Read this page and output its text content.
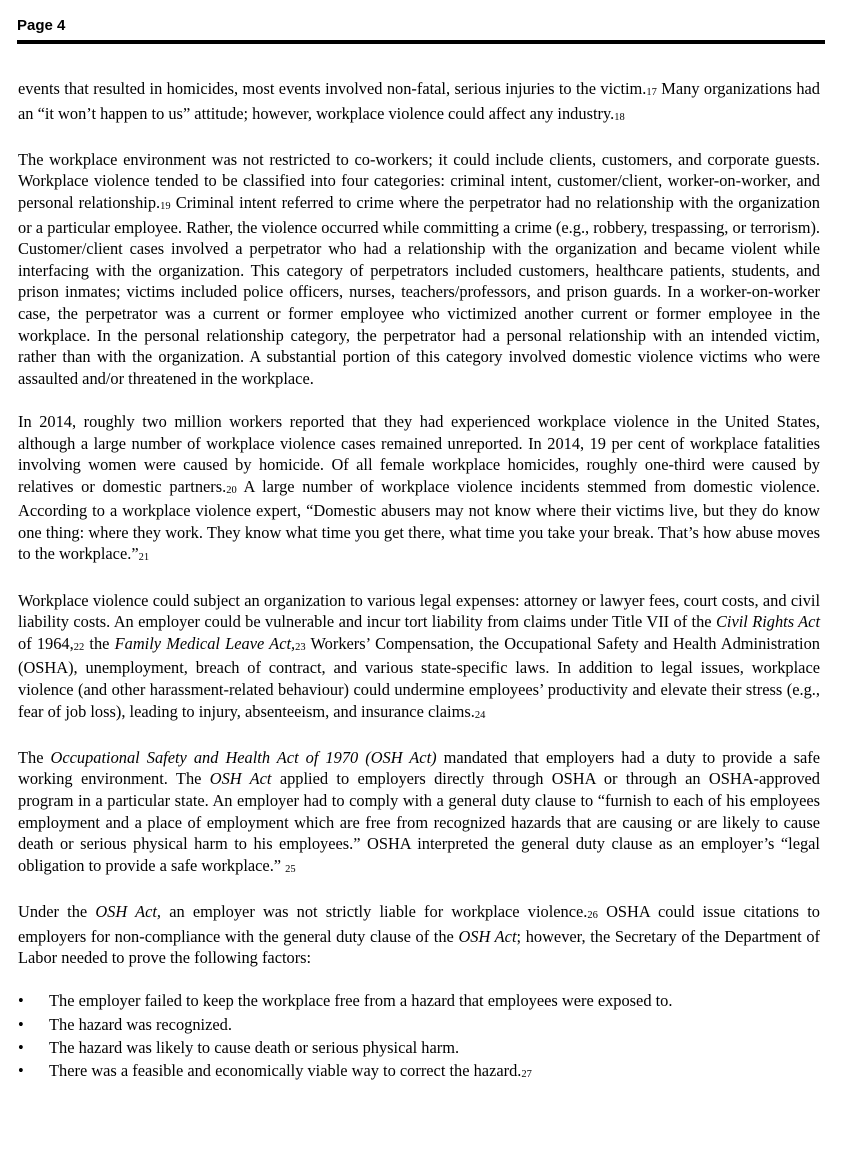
Page 4

events that resulted in homicides, most events involved non-fatal, serious injuries to the victim.$^{17}$ Many organizations had an “it won’t happen to us” attitude; however, workplace violence could affect any industry.$^{18}$

The workplace environment was not restricted to co-workers; it could include clients, customers, and corporate guests. Workplace violence tended to be classified into four categories: criminal intent, customer/client, worker-on-worker, and personal relationship.$^{19}$ Criminal intent referred to crime where the perpetrator had no relationship with the organization or a particular employee. Rather, the violence occurred while committing a crime (e.g., robbery, trespassing, or terrorism). Customer/client cases involved a perpetrator who had a relationship with the organization and became violent while interfacing with the organization. This category of perpetrators included customers, healthcare patients, students, and prison inmates; victims included police officers, nurses, teachers/professors, and prison guards. In a worker-on-worker case, the perpetrator was a current or former employee who victimized another current or former employee in the workplace. In the personal relationship category, the perpetrator had a personal relationship with an intended victim, rather than with the organization. A substantial portion of this category involved domestic violence victims who were assaulted and/or threatened in the workplace.

In 2014, roughly two million workers reported that they had experienced workplace violence in the United States, although a large number of workplace violence cases remained unreported. In 2014, 19 per cent of workplace fatalities involving women were caused by homicide. Of all female workplace homicides, roughly one-third were caused by relatives or domestic partners.$^{20}$ A large number of workplace violence incidents stemmed from domestic violence. According to a workplace violence expert, “Domestic abusers may not know where their victims live, but they do know one thing: where they work. They know what time you get there, what time you take your break. That’s how abuse moves to the workplace.”$^{21}$

Workplace violence could subject an organization to various legal expenses: attorney or lawyer fees, court costs, and civil liability costs. An employer could be vulnerable and incur tort liability from claims under Title VII of the Civil Rights Act of 1964,22 the Family Medical Leave Act,$^{23}$ Workers’ Compensation, the Occupational Safety and Health Administration (OSHA), unemployment, breach of contract, and various state-specific laws. In addition to legal issues, workplace violence (and other harassment-related behaviour) could undermine employees’ productivity and elevate their stress (e.g., fear of job loss), leading to injury, absenteeism, and insurance claims.$^{24}$

The Occupational Safety and Health Act of 1970 (OSH Act) mandated that employers had a duty to provide a safe working environment. The OSH Act applied to employers directly through OSHA or through an OSHA-approved program in a particular state. An employer had to comply with a general duty clause to “furnish to each of his employees employment and a place of employment which are free from recognized hazards that are causing or are likely to cause death or serious physical harm to his employees.” OSHA interpreted the general duty clause as an employer’s “legal obligation to provide a safe workplace.” $^{25}$

Under the OSH Act, an employer was not strictly liable for workplace violence.$^{26}$ OSHA could issue citations to employers for non-compliance with the general duty clause of the OSH Act; however, the Secretary of the Department of Labor needed to prove the following factors:

• The employer failed to keep the workplace free from a hazard that employees were exposed to.
• The hazard was recognized.
• The hazard was likely to cause death or serious physical harm.
• There was a feasible and economically viable way to correct the hazard.$^{27}$
